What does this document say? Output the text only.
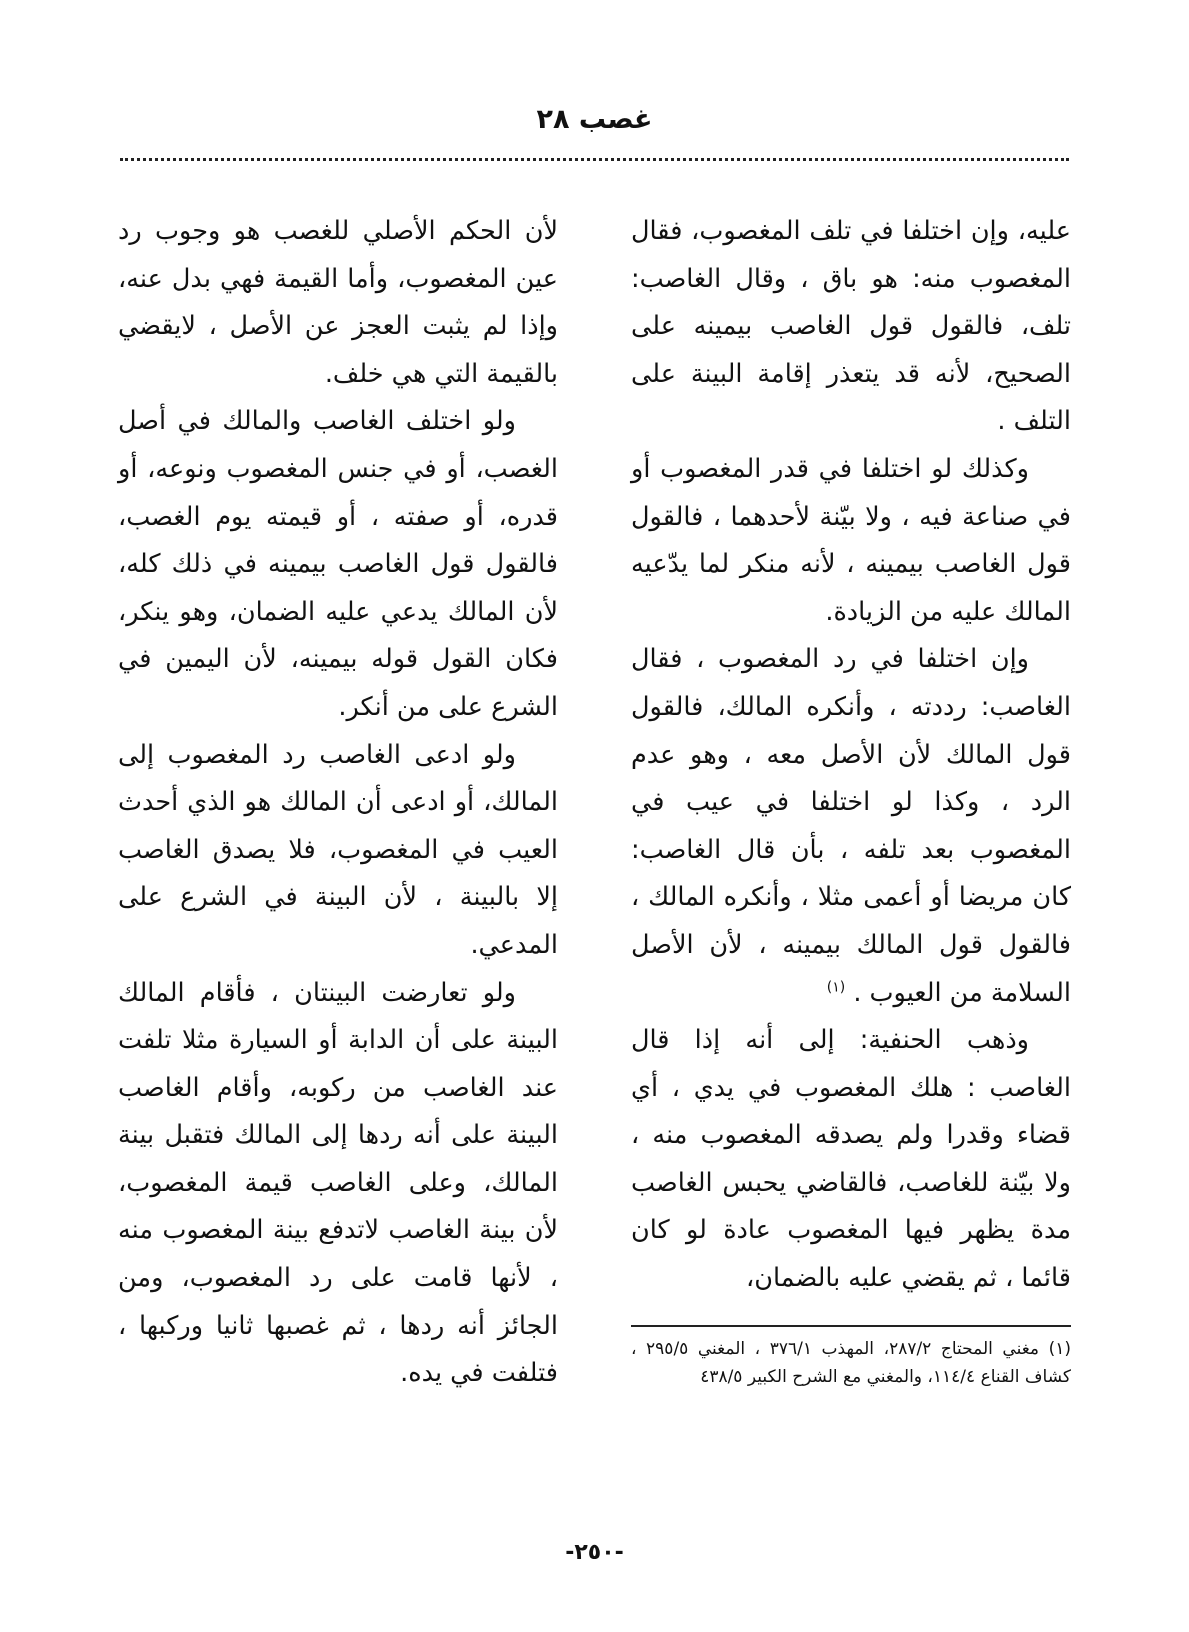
غصب ٢٨

عليه، وإن اختلفا في تلف المغصوب، فقال المغصوب منه: هو باق ، وقال الغاصب: تلف، فالقول قول الغاصب بيمينه على الصحيح، لأنه قد يتعذر إقامة البينة على التلف .

وكذلك لو اختلفا في قدر المغصوب أو في صناعة فيه ، ولا بيّنة لأحدهما ، فالقول قول الغاصب بيمينه ، لأنه منكر لما يدّعيه المالك عليه من الزيادة.

وإن اختلفا في رد المغصوب ، فقال الغاصب: رددته ، وأنكره المالك، فالقول قول المالك لأن الأصل معه ، وهو عدم الرد ، وكذا لو اختلفا في عيب في المغصوب بعد تلفه ، بأن قال الغاصب: كان مريضا أو أعمى مثلا ، وأنكره المالك ، فالقول قول المالك بيمينه ، لأن الأصل السلامة من العيوب . $^{(١)}$

وذهب الحنفية: إلى أنه إذا قال الغاصب : هلك المغصوب في يدي ، أي قضاء وقدرا ولم يصدقه المغصوب منه ، ولا بيّنة للغاصب، فالقاضي يحبس الغاصب مدة يظهر فيها المغصوب عادة لو كان قائما ، ثم يقضي عليه بالضمان،

لأن الحكم الأصلي للغصب هو وجوب رد عين المغصوب، وأما القيمة فهي بدل عنه، وإذا لم يثبت العجز عن الأصل ، لايقضي بالقيمة التي هي خلف.

ولو اختلف الغاصب والمالك في أصل الغصب، أو في جنس المغصوب ونوعه، أو قدره، أو صفته ، أو قيمته يوم الغصب، فالقول قول الغاصب بيمينه في ذلك كله، لأن المالك يدعي عليه الضمان، وهو ينكر، فكان القول قوله بيمينه، لأن اليمين في الشرع على من أنكر.

ولو ادعى الغاصب رد المغصوب إلى المالك، أو ادعى أن المالك هو الذي أحدث العيب في المغصوب، فلا يصدق الغاصب إلا بالبينة ، لأن البينة في الشرع على المدعي.

ولو تعارضت البينتان ، فأقام المالك البينة على أن الدابة أو السيارة مثلا تلفت عند الغاصب من ركوبه، وأقام الغاصب البينة على أنه ردها إلى المالك فتقبل بينة المالك، وعلى الغاصب قيمة المغصوب، لأن بينة الغاصب لاتدفع بينة المغصوب منه ، لأنها قامت على رد المغصوب، ومن الجائز أنه ردها ، ثم غصبها ثانيا وركبها ، فتلفت في يده.

(١) مغني المحتاج ٢٨٧/٢، المهذب ٣٧٦/١ ، المغني ٢٩٥/٥ ، كشاف القناع ١١٤/٤، والمغني مع الشرح الكبير ٤٣٨/٥
-٢٥٠-
